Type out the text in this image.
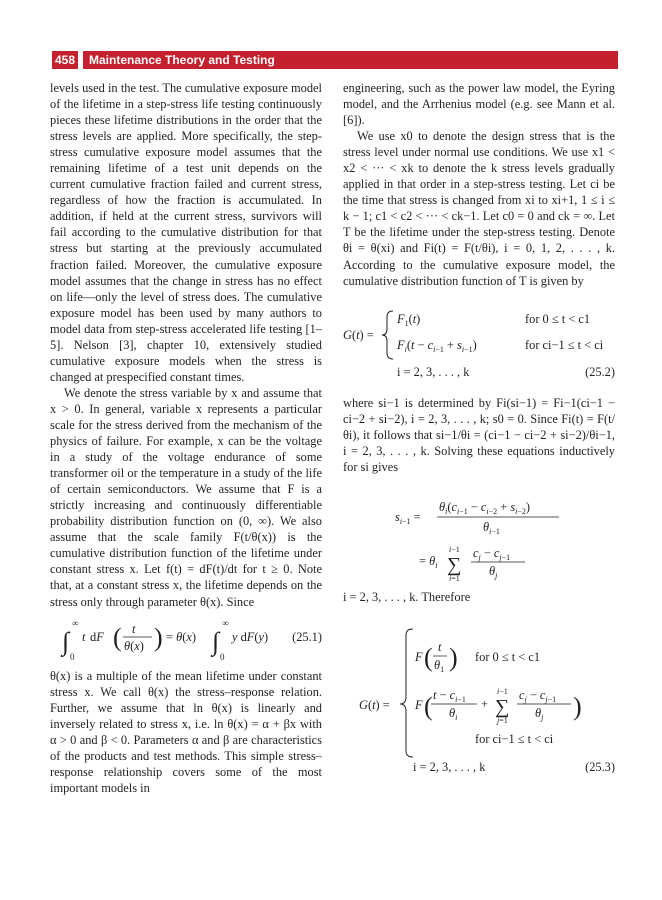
458	Maintenance Theory and Testing

levels used in the test. The cumulative exposure model of the lifetime in a step-stress life testing continuously pieces these lifetime distributions in the order that the stress levels are applied. More specifically, the step-stress cumulative exposure model assumes that the remaining lifetime of a test unit depends on the current cumulative fraction failed and current stress, regardless of how the fraction is accumulated. In addition, if held at the current stress, survivors will fail according to the cumulative distribution for that stress but starting at the previously accumulated fraction failed. Moreover, the cumulative exposure model assumes that the change in stress has no effect on life—only the level of stress does. The cumulative exposure model has been used by many authors to model data from step-stress accelerated life testing [1–5]. Nelson [3], chapter 10, extensively studied cumulative exposure models when the stress is changed at prespecified constant times.

We denote the stress variable by x and assume that x > 0. In general, variable x represents a particular scale for the stress derived from the mechanism of the physics of failure. For example, x can be the voltage in a study of the voltage endurance of some transformer oil or the temperature in a study of the life of certain semiconductors. We assume that F is a strictly increasing and continuously differentiable probability distribution function on (0, ∞). We also assume that the scale family F(t/θ(x)) is the cumulative distribution function of the lifetime under constant stress x. Let f(t) = dF(t)/dt for t ≥ 0. Note that, at a constant stress x, the lifetime depends on the stress only through parameter θ(x). Since

∫
∞
0
t dF ( t
θ(x) ) = θ(x) ∫
∞
0
y dF(y) (25.1)

θ(x) is a multiple of the mean lifetime under constant stress x. We call θ(x) the stress–response relation. Further, we assume that ln θ(x) is linearly and inversely related to stress x, i.e. ln θ(x) = α + βx with α > 0 and β < 0. Parameters α and β are characteristics of the products and test methods. This simple stress–response relationship covers some of the most important models in

engineering, such as the power law model, the Eyring model, and the Arrhenius model (e.g. see Mann et al. [6]).

We use x0 to denote the design stress that is the stress level under normal use conditions. We use x1 < x2 < ··· < xk to denote the k stress levels gradually applied in that order in a step-stress testing. Let ci be the time that stress is changed from xi to xi+1, 1 ≤ i ≤ k − 1; c1 < c2 < ··· < ck−1. Let c0 = 0 and ck = ∞. Let T be the lifetime under the step-stress testing. Denote θi = θ(xi) and Fi(t) = F(t/θi), i = 0, 1, 2, . . . , k. According to the cumulative exposure model, the cumulative distribution function of T is given by

G(t) =
$F_1(t)$
$F_i(t - c_i-1 + s_i-1)$
for 0 ≤ t < c1
for ci−1 ≤ t < ci
i = 2, 3, . . . , k	(25.2)

where si−1 is determined by Fi(si−1) = Fi−1(ci−1 − ci−2 + si−2), i = 2, 3, . . . , k; s0 = 0. Since Fi(t) = F(t/θi), it follows that si−1/θi = (ci−1 − ci−2 + si−2)/θi−1, i = 2, 3, . . . , k. Solving these equations inductively for si gives

$s_i-1$ =
$\theta_i(c_i-1 - c_i-2 + s_i-2)$
$\theta_i-1$
= $\theta_i$
i−1
∑
j=1
$c_j - c_j-1$
$\theta_j$

i = 2, 3, . . . , k. Therefore

G(t) =
F ( t
$\theta_1$ ) for 0 ≤ t < c1
F ( $t - c_i-1$
$\theta_i$
+
i−1
∑
j=1
$c_j - c_j-1$
$\theta_j$ )
for ci−1 ≤ t < ci
i = 2, 3, . . . , k	(25.3)
